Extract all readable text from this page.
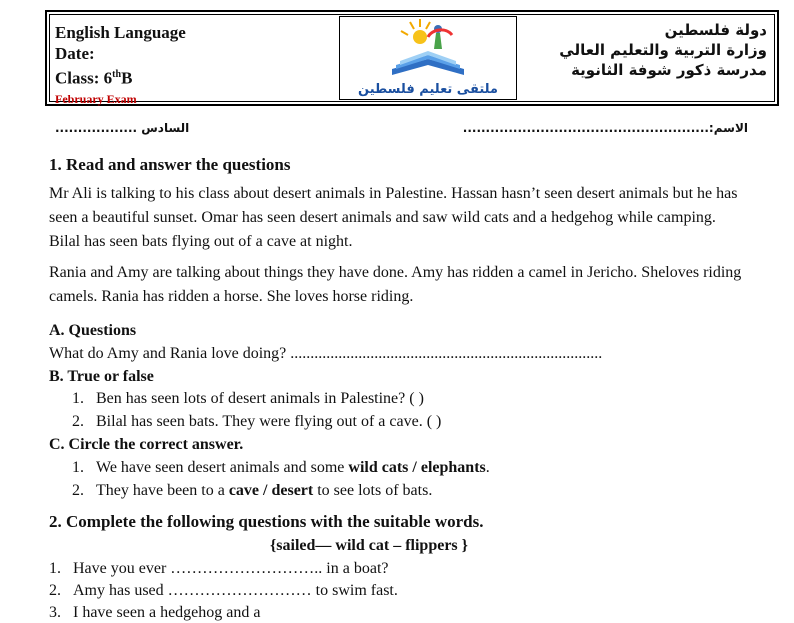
English Language
Date:
Class: 6thB
February Exam
ملتقى تعليم فلسطين
دولة فلسطين
وزارة التربية والتعليم العالي
مدرسة ذكور شوفة الثانوية
السادس ..................	الاسم:......................................................
1. Read and answer the questions
Mr Ali is talking to his class about desert animals in Palestine. Hassan hasn’t seen desert animals but he has seen a beautiful sunset. Omar has seen desert animals and saw wild cats and a hedgehog while camping. Bilal has seen bats flying out of a cave at night.
Rania and Amy are talking about things they have done. Amy has ridden a camel in Jericho. Sheloves riding camels. Rania has ridden a horse. She loves horse riding.
A. Questions
What do Amy and Rania love doing? ..............................................................................
B. True or false
1. Ben has seen lots of desert animals in Palestine? ( )
2. Bilal has seen bats. They were flying out of a cave. ( )
C. Circle the correct answer.
1. We have seen desert animals and some wild cats / elephants.
2. They have been to a cave / desert to see lots of bats.
2. Complete the following questions with the suitable words.
{sailed— wild cat – flippers }
1. Have you ever ……………………….. in a boat?
2. Amy has used ……………………… to swim fast.
3. I have seen a hedgehog and a
